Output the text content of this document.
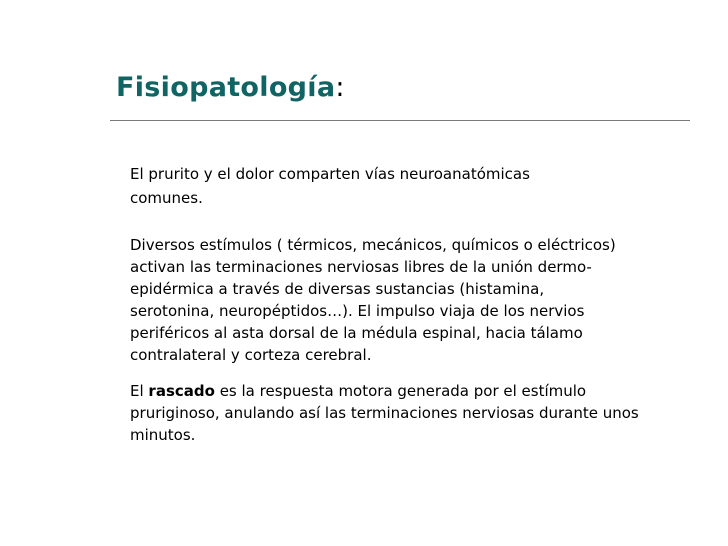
Fisiopatología:

El prurito y el dolor comparten vías neuroanatómicas comunes.

Diversos estímulos ( térmicos, mecánicos, químicos o eléctricos) activan las terminaciones nerviosas libres de la unión dermo-epidérmica a través de diversas sustancias (histamina, serotonina, neuropéptidos…). El impulso viaja de los nervios periféricos al asta dorsal de la médula espinal, hacia tálamo contralateral y corteza cerebral.

El rascado es la respuesta motora generada por el estímulo pruriginoso, anulando así las terminaciones nerviosas durante unos minutos.
